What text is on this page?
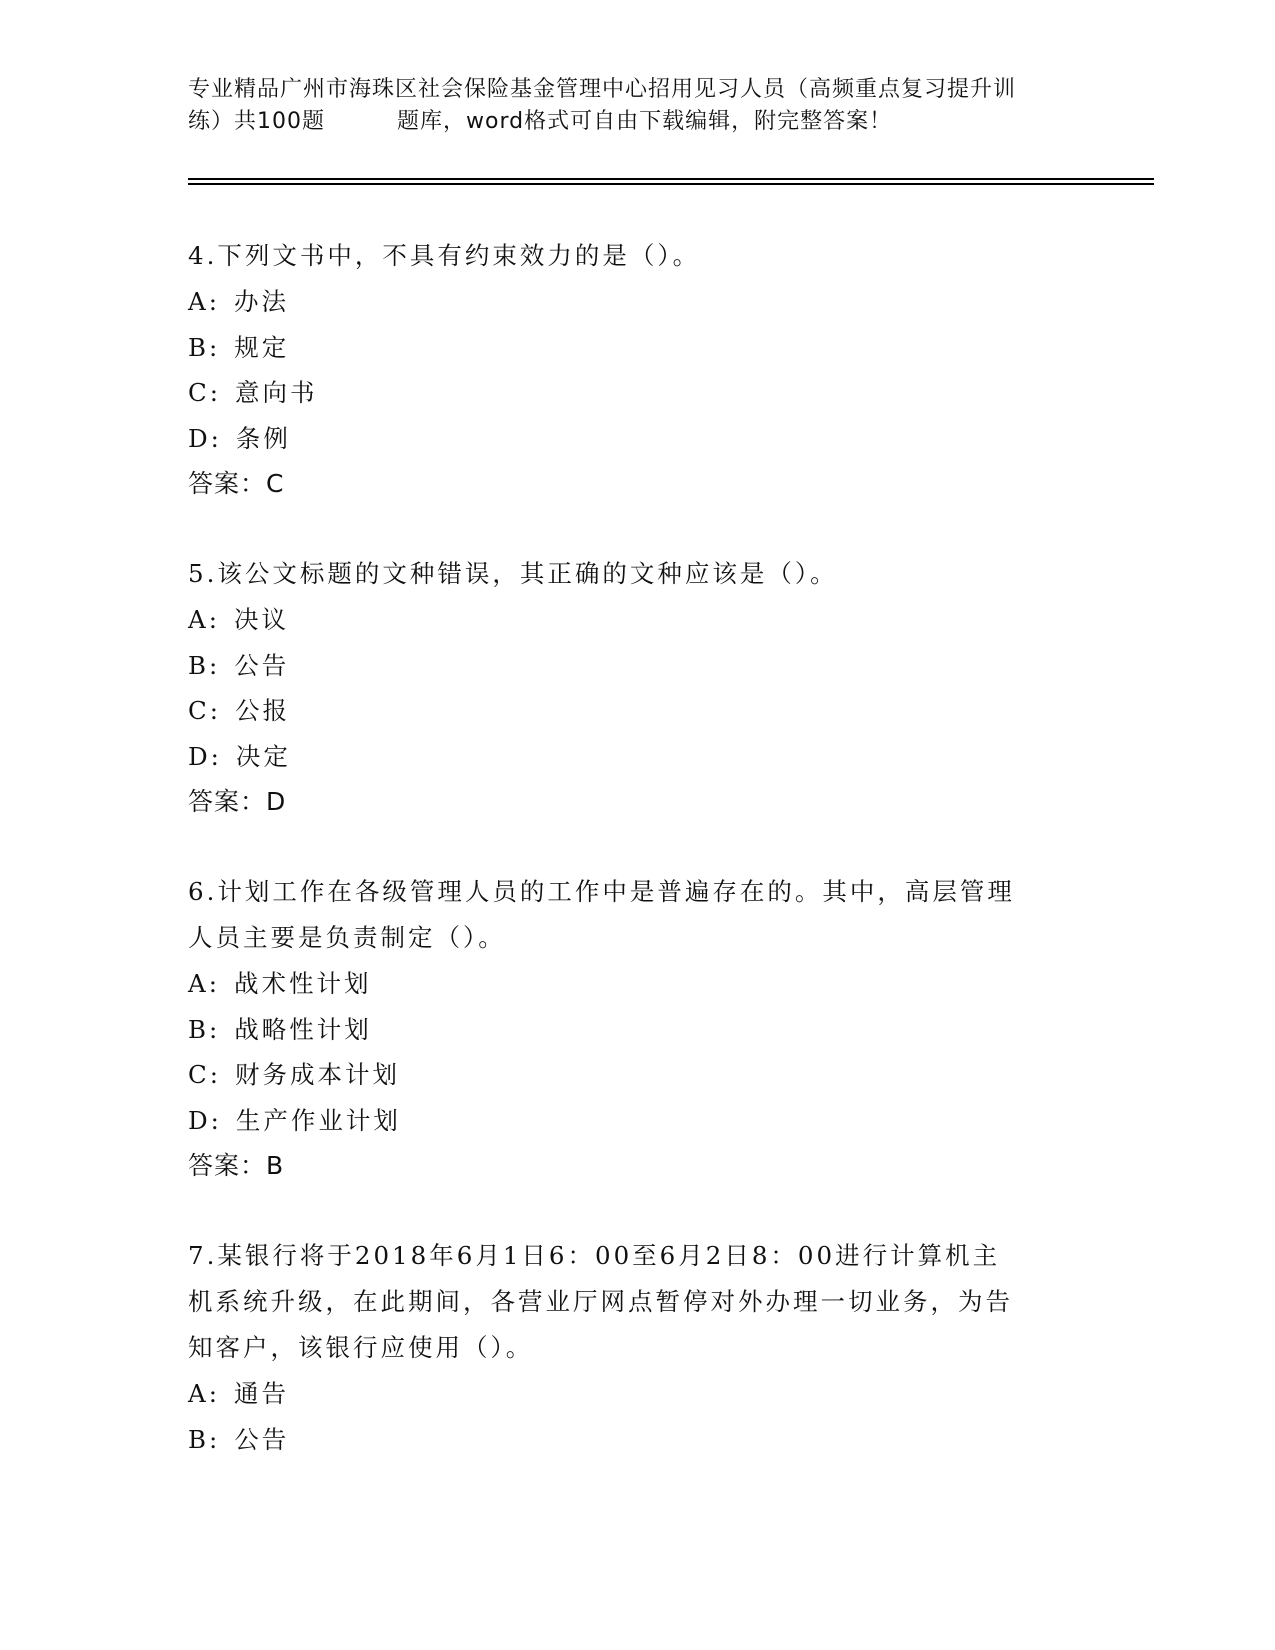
专业精品广州市海珠区社会保险基金管理中心招用见习人员（高频重点复习提升训
练）共100题	题库，word格式可自由下载编辑，附完整答案！
4.下列文书中，不具有约束效力的是（）。
A: 办法
B: 规定
C: 意向书
D: 条例
答案：C
5.该公文标题的文种错误，其正确的文种应该是（）。
A: 决议
B: 公告
C: 公报
D: 决定
答案：D
6.计划工作在各级管理人员的工作中是普遍存在的。其中，高层管理
人员主要是负责制定（）。
A: 战术性计划
B: 战略性计划
C: 财务成本计划
D: 生产作业计划
答案：B
7.某银行将于2018年6月1日6：00至6月2日8：00进行计算机主
机系统升级，在此期间，各营业厅网点暂停对外办理一切业务，为告
知客户，该银行应使用（）。
A: 通告
B: 公告
